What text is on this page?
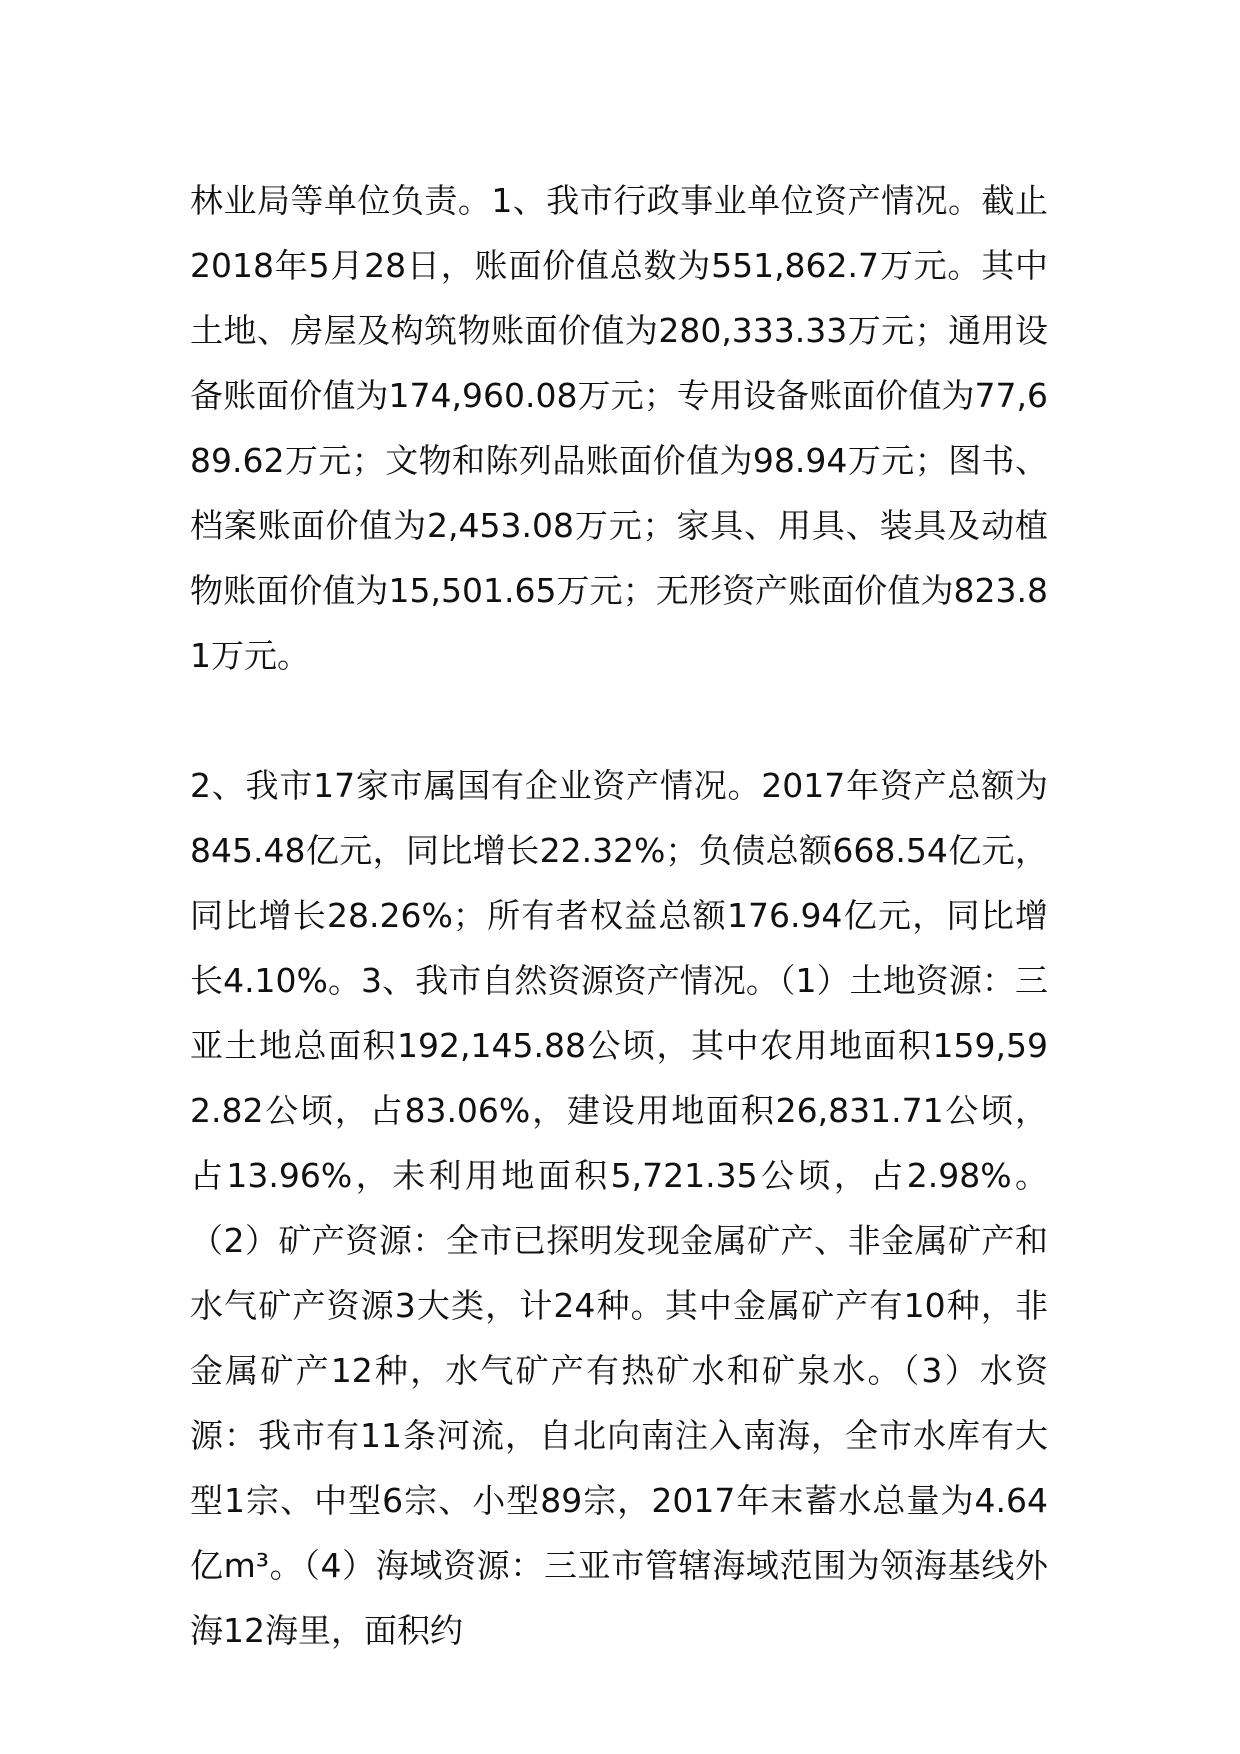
林业局等单位负责。1、我市行政事业单位资产情况。截止2018年5月28日，账面价值总数为551,862.7万元。其中土地、房屋及构筑物账面价值为280,333.33万元；通用设备账面价值为174,960.08万元；专用设备账面价值为77,689.62万元；文物和陈列品账面价值为98.94万元；图书、档案账面价值为2,453.08万元；家具、用具、装具及动植物账面价值为15,501.65万元；无形资产账面价值为823.81万元。

2、我市17家市属国有企业资产情况。2017年资产总额为845.48亿元，同比增长22.32%；负债总额668.54亿元，同比增长28.26%；所有者权益总额176.94亿元，同比增长4.10%。3、我市自然资源资产情况。（1）土地资源：三亚土地总面积192,145.88公顷，其中农用地面积159,592.82公顷，占83.06%，建设用地面积26,831.71公顷，占13.96%，未利用地面积5,721.35公顷，占2.98%。（2）矿产资源：全市已探明发现金属矿产、非金属矿产和水气矿产资源3大类，计24种。其中金属矿产有10种，非金属矿产12种，水气矿产有热矿水和矿泉水。（3）水资源：我市有11条河流，自北向南注入南海，全市水库有大型1宗、中型6宗、小型89宗，2017年末蓄水总量为4.64亿m³。（4）海域资源：三亚市管辖海域范围为领海基线外海12海里，面积约
